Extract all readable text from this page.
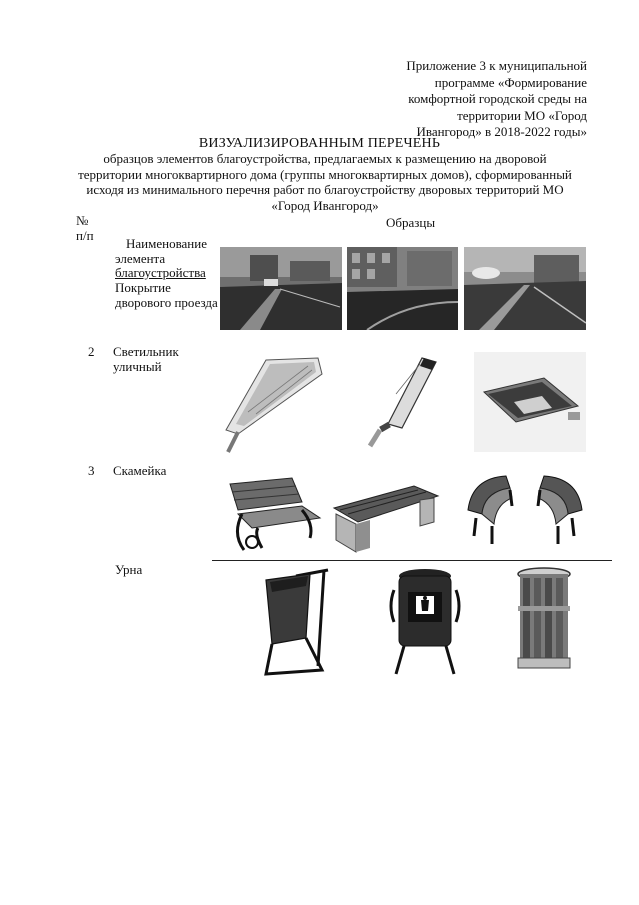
Приложение 3 к муниципальной
программе «Формирование
комфортной городской среды на
территории МО «Город
Ивангород» в 2018-2022 годы»
ВИЗУАЛИЗИРОВАННЫМ ПЕРЕЧЕНЬ
образцов элементов благоустройства, предлагаемых к размещению на дворовой
территории многоквартирного дома (группы многоквартирных домов), сформированный
исходя из минимального перечня работ по благоустройству дворовых территорий МО
«Город Ивангород»
№
п/п
Образцы
Наименование
элемента
благоустройства
Покрытие
дворового проезда
2 Светильник
уличный
3 Скамейка
Урна
